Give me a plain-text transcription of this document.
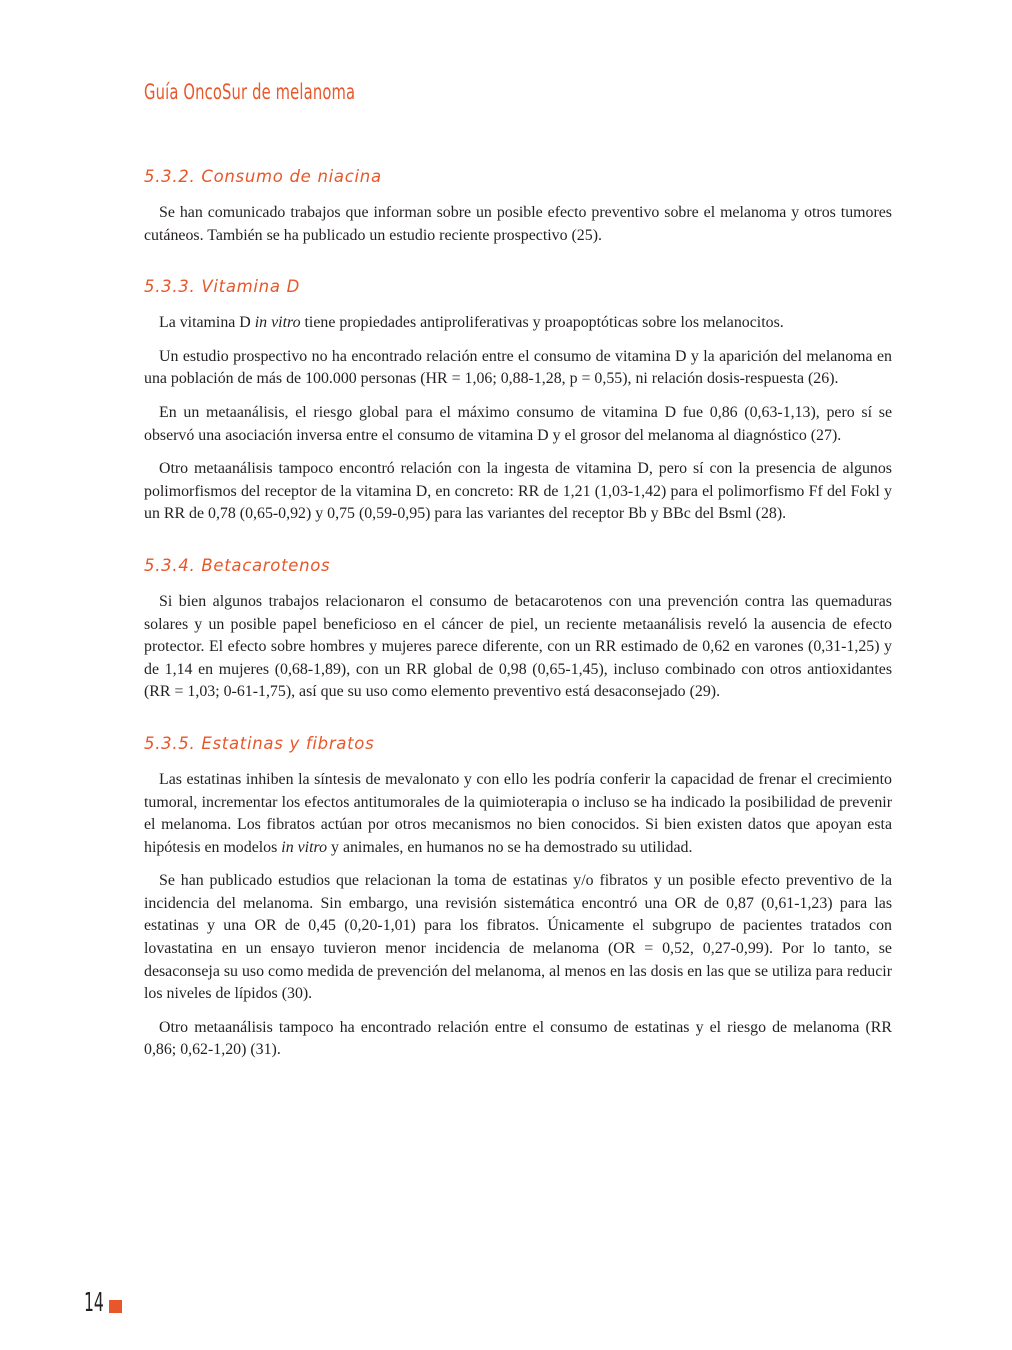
Guía OncoSur de melanoma
5.3.2. Consumo de niacina

Se han comunicado trabajos que informan sobre un posible efecto preventivo sobre el melanoma y otros tumores cutáneos. También se ha publicado un estudio reciente prospectivo (25).

5.3.3. Vitamina D

La vitamina D in vitro tiene propiedades antiproliferativas y proapoptóticas sobre los melanocitos.

Un estudio prospectivo no ha encontrado relación entre el consumo de vitamina D y la aparición del melanoma en una población de más de 100.000 personas (HR = 1,06; 0,88-1,28, p = 0,55), ni relación dosis-respuesta (26).

En un metaanálisis, el riesgo global para el máximo consumo de vitamina D fue 0,86 (0,63-1,13), pero sí se observó una asociación inversa entre el consumo de vitamina D y el grosor del melanoma al diagnóstico (27).

Otro metaanálisis tampoco encontró relación con la ingesta de vitamina D, pero sí con la presencia de algunos polimorfismos del receptor de la vitamina D, en concreto: RR de 1,21 (1,03-1,42) para el polimorfismo Ff del Fokl y un RR de 0,78 (0,65-0,92) y 0,75 (0,59-0,95) para las variantes del receptor Bb y BBc del Bsml (28).

5.3.4. Betacarotenos

Si bien algunos trabajos relacionaron el consumo de betacarotenos con una prevención contra las quemaduras solares y un posible papel beneficioso en el cáncer de piel, un reciente metaanálisis reveló la ausencia de efecto protector. El efecto sobre hombres y mujeres parece diferente, con un RR estimado de 0,62 en varones (0,31-1,25) y de 1,14 en mujeres (0,68-1,89), con un RR global de 0,98 (0,65-1,45), incluso combinado con otros antioxidantes (RR = 1,03; 0-61-1,75), así que su uso como elemento preventivo está desaconsejado (29).

5.3.5. Estatinas y fibratos

Las estatinas inhiben la síntesis de mevalonato y con ello les podría conferir la capacidad de frenar el crecimiento tumoral, incrementar los efectos antitumorales de la quimioterapia o incluso se ha indicado la posibilidad de prevenir el melanoma. Los fibratos actúan por otros mecanismos no bien conocidos. Si bien existen datos que apoyan esta hipótesis en modelos in vitro y animales, en humanos no se ha demostrado su utilidad.

Se han publicado estudios que relacionan la toma de estatinas y/o fibratos y un posible efecto preventivo de la incidencia del melanoma. Sin embargo, una revisión sistemática encontró una OR de 0,87 (0,61-1,23) para las estatinas y una OR de 0,45 (0,20-1,01) para los fibratos. Únicamente el subgrupo de pacientes tratados con lovastatina en un ensayo tuvieron menor incidencia de melanoma (OR = 0,52, 0,27-0,99). Por lo tanto, se desaconseja su uso como medida de prevención del melanoma, al menos en las dosis en las que se utiliza para reducir los niveles de lípidos (30).

Otro metaanálisis tampoco ha encontrado relación entre el consumo de estatinas y el riesgo de melanoma (RR 0,86; 0,62-1,20) (31).

14
